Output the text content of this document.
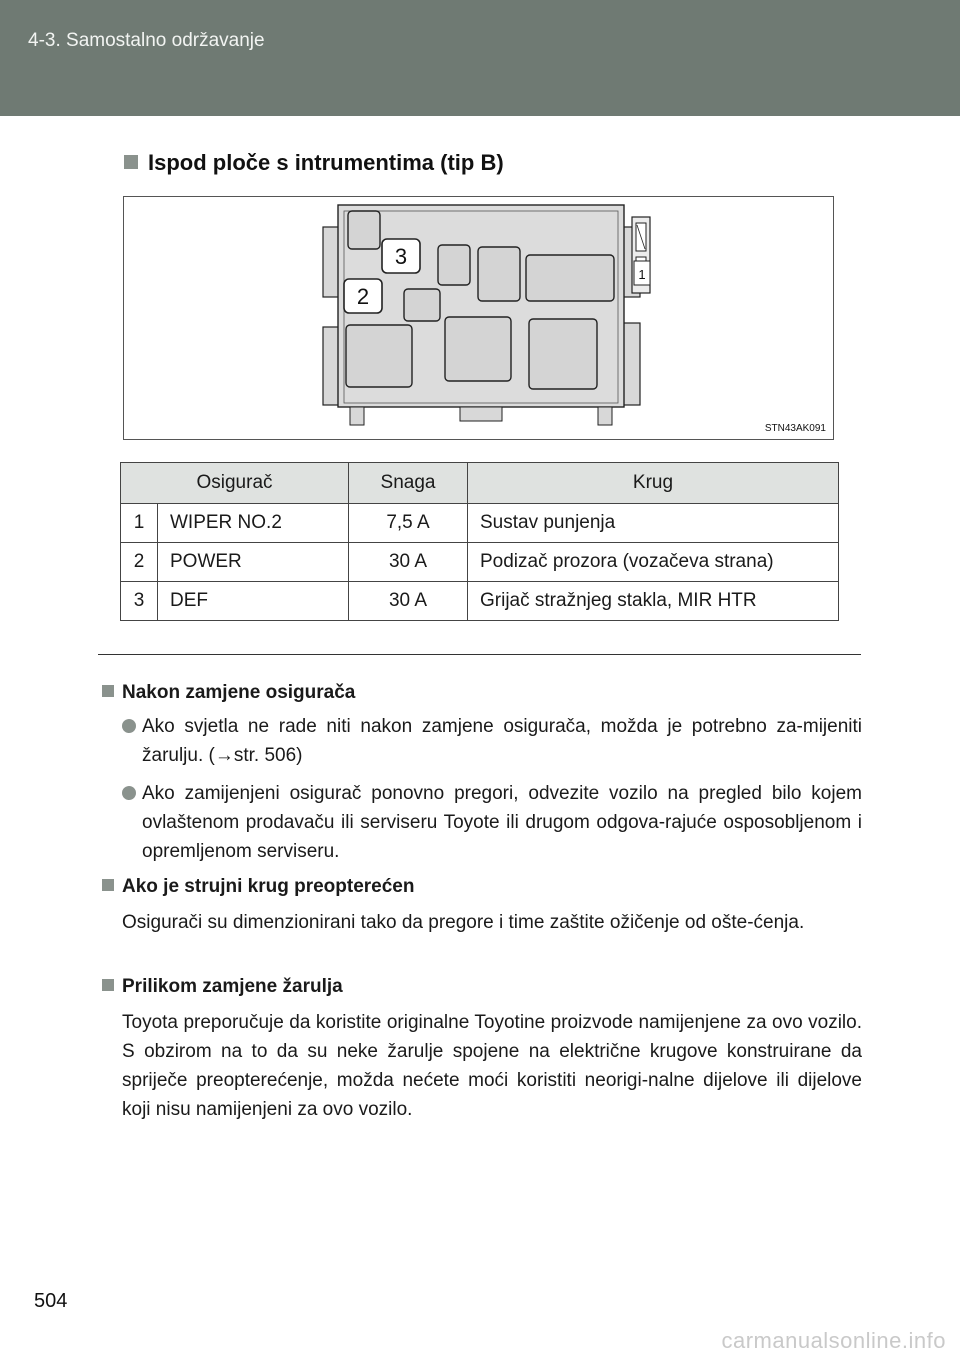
4-3. Samostalno održavanje
Ispod ploče s intrumentima (tip B)
3
2
1
STN43AK091
Osigurač		Snaga	Krug
1	WIPER NO.2	7,5 A	Sustav punjenja
2	POWER	30 A	Podizač prozora (vozačeva strana)
3	DEF	30 A	Grijač stražnjeg stakla, MIR HTR
Nakon zamjene osigurača
Ako svjetla ne rade niti nakon zamjene osigurača, možda je potrebno za-mijeniti žarulju. (→str. 506)
Ako zamijenjeni osigurač ponovno pregori, odvezite vozilo na pregled bilo kojem ovlaštenom prodavaču ili serviseru Toyote ili drugom odgova-rajuće osposobljenom i opremljenom serviseru.
Ako je strujni krug preopterećen
Osigurači su dimenzionirani tako da pregore i time zaštite ožičenje od ošte-ćenja.
Prilikom zamjene žarulja
Toyota preporučuje da koristite originalne Toyotine proizvode namijenjene za ovo vozilo. S obzirom na to da su neke žarulje spojene na električne krugove konstruirane da spriječe preopterećenje, možda nećete moći koristiti neorigi-nalne dijelove ili dijelove koji nisu namijenjeni za ovo vozilo.
504
carmanualsonline.info
